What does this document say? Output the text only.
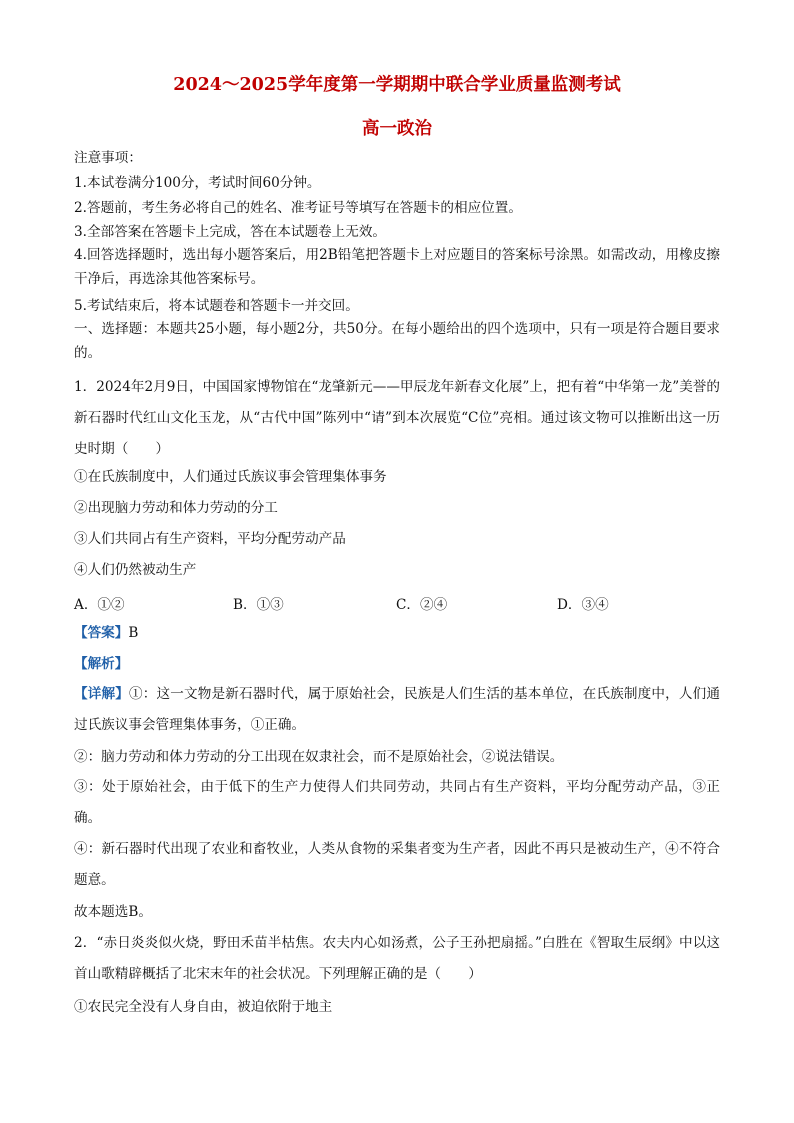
2024～2025学年度第一学期期中联合学业质量监测考试
高一政治
注意事项：
1.本试卷满分100分，考试时间60分钟。
2.答题前，考生务必将自己的姓名、准考证号等填写在答题卡的相应位置。
3.全部答案在答题卡上完成，答在本试题卷上无效。
4.回答选择题时，选出每小题答案后，用2B铅笔把答题卡上对应题目的答案标号涂黑。如需改动，用橡皮擦干净后，再选涂其他答案标号。
5.考试结束后，将本试题卷和答题卡一并交回。
一、选择题：本题共25小题，每小题2分，共50分。在每小题给出的四个选项中，只有一项是符合题目要求的。
1．2024年2月9日，中国国家博物馆在“龙肇新元——甲辰龙年新春文化展”上，把有着“中华第一龙”美誉的新石器时代红山文化玉龙，从“古代中国”陈列中“请”到本次展览“C位”亮相。通过该文物可以推断出这一历史时期（　　）
①在氏族制度中，人们通过氏族议事会管理集体事务
②出现脑力劳动和体力劳动的分工
③人们共同占有生产资料，平均分配劳动产品
④人们仍然被动生产
A．①②	B．①③	C．②④	D．③④
【答案】B
【解析】
【详解】①：这一文物是新石器时代，属于原始社会，民族是人们生活的基本单位，在氏族制度中，人们通过氏族议事会管理集体事务，①正确。
②：脑力劳动和体力劳动的分工出现在奴隶社会，而不是原始社会，②说法错误。
③：处于原始社会，由于低下的生产力使得人们共同劳动，共同占有生产资料，平均分配劳动产品，③正确。
④：新石器时代出现了农业和畜牧业，人类从食物的采集者变为生产者，因此不再只是被动生产，④不符合题意。
故本题选B。
2．“赤日炎炎似火烧，野田禾苗半枯焦。农夫内心如汤煮，公子王孙把扇摇。”白胜在《智取生辰纲》中以这首山歌精辟概括了北宋末年的社会状况。下列理解正确的是（　　）
①农民完全没有人身自由，被迫依附于地主
